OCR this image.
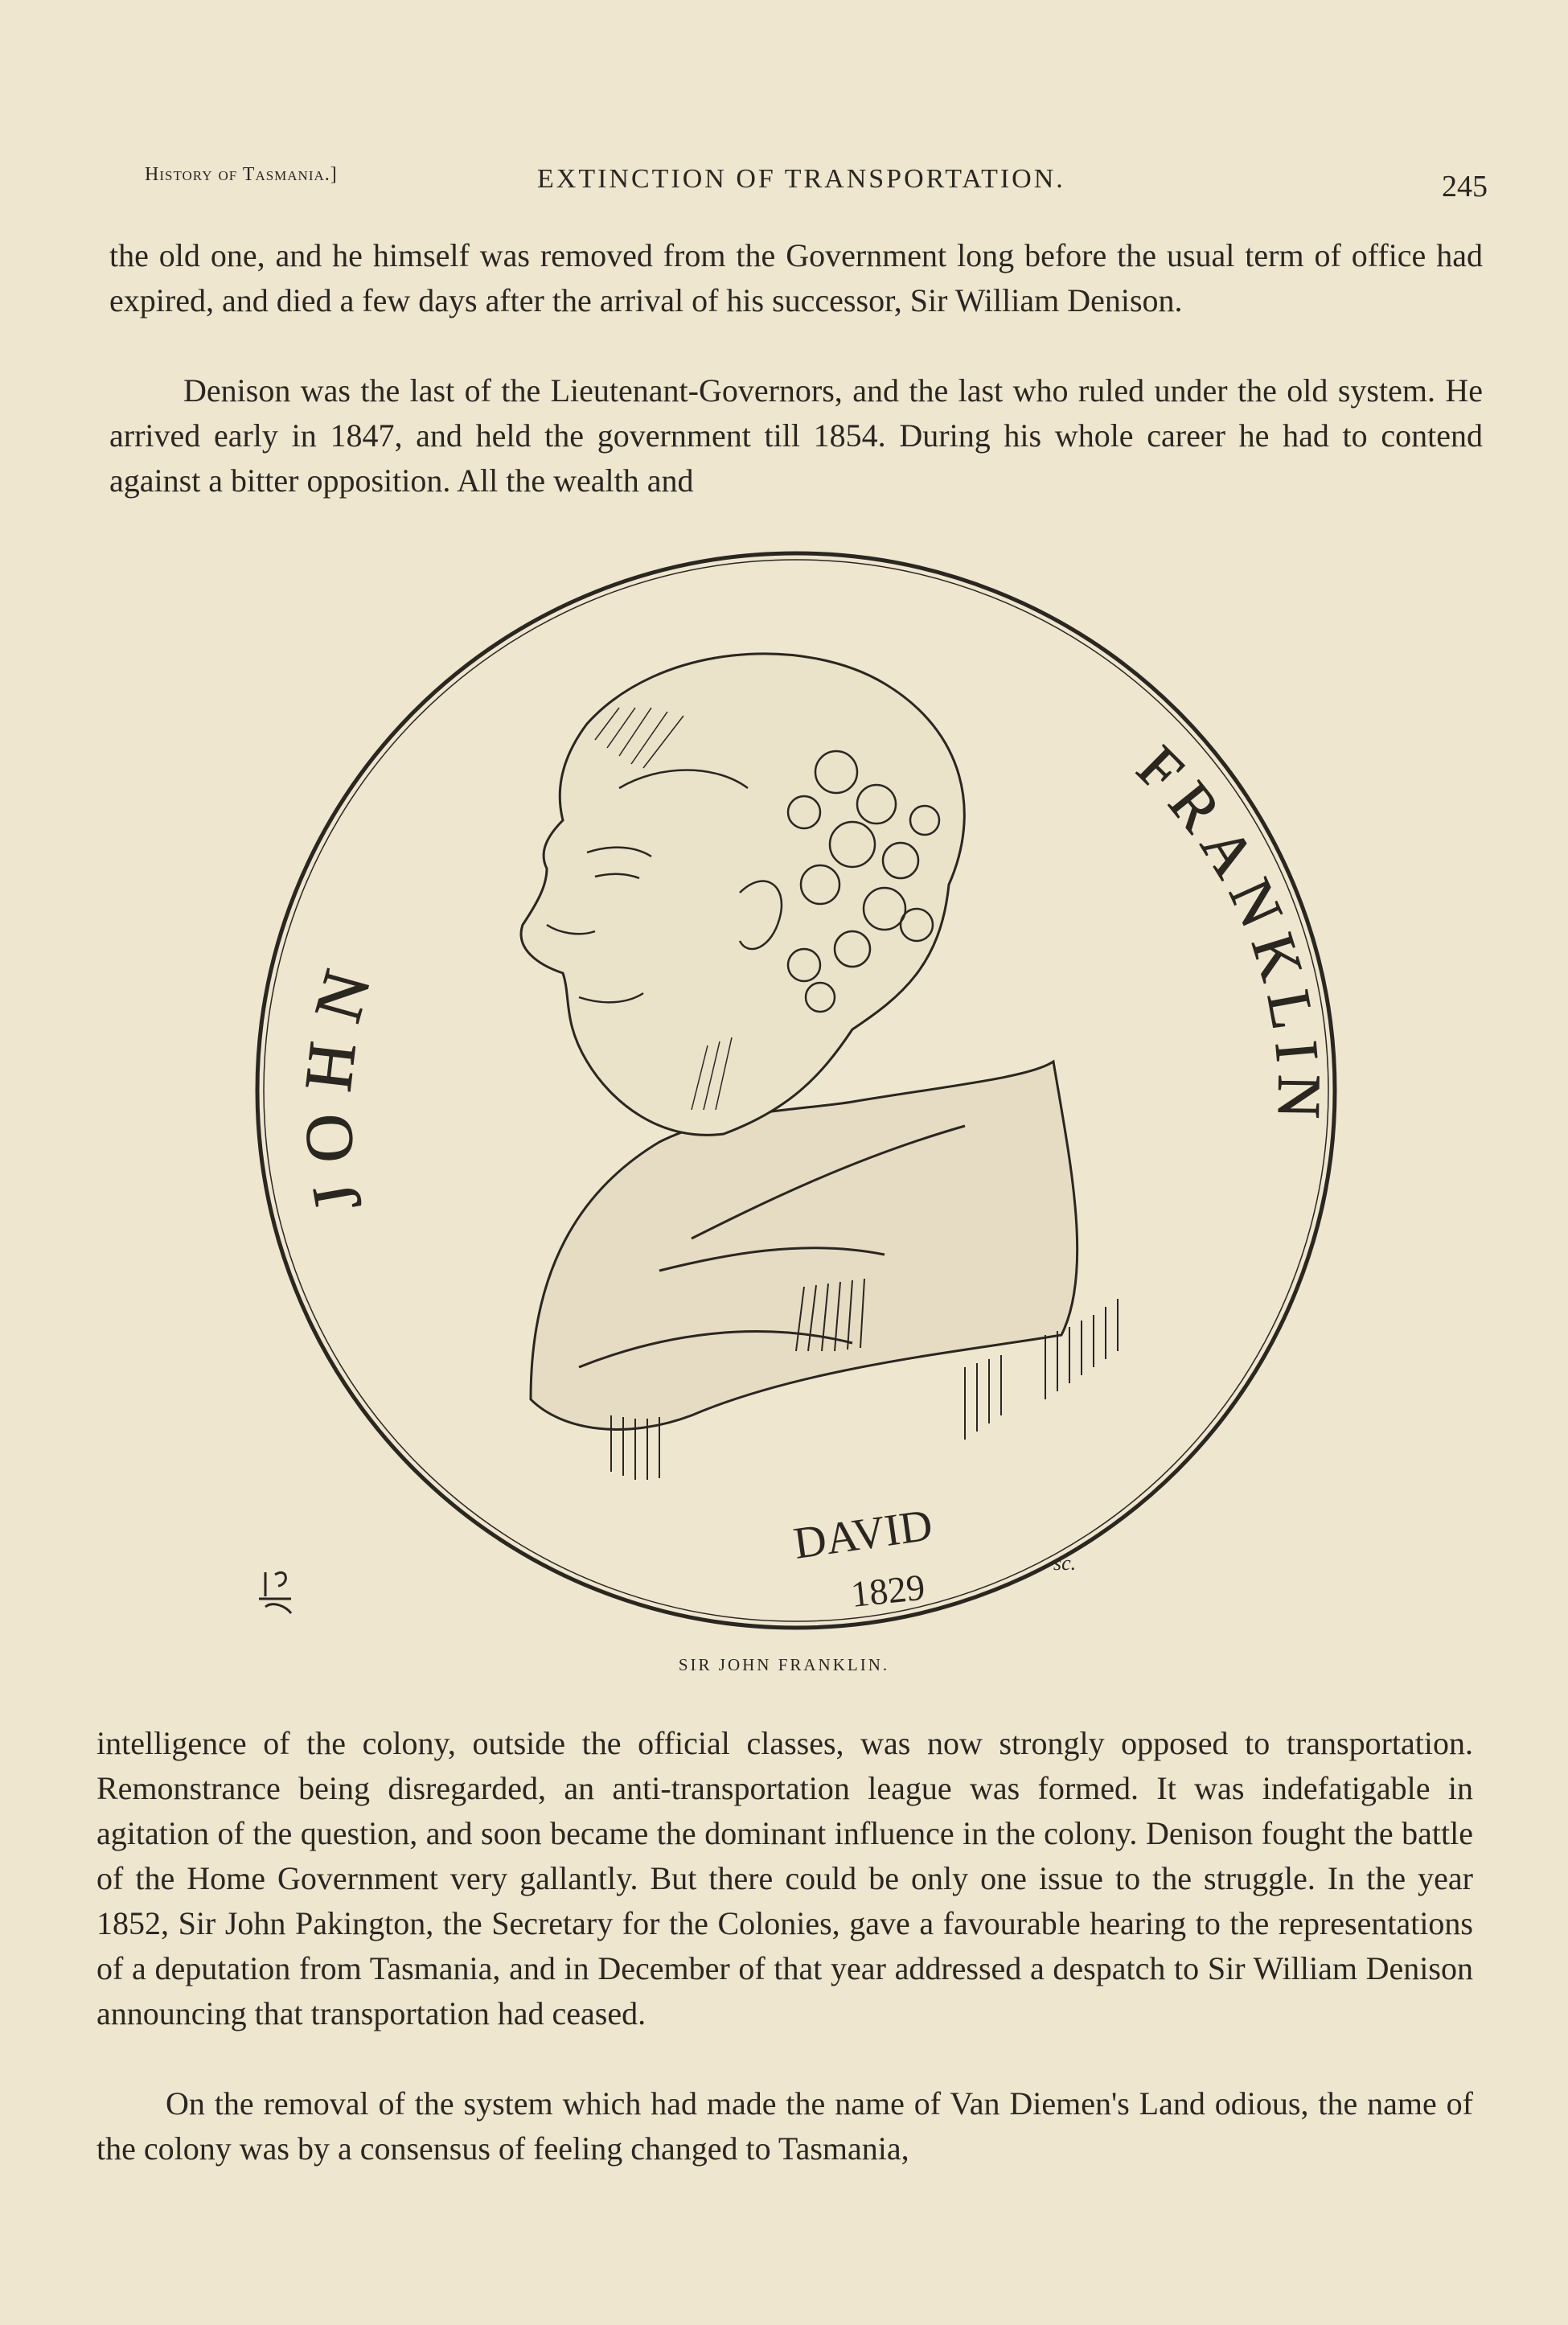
History of Tasmania.]	EXTINCTION OF TRANSPORTATION.	245

the old one, and he himself was removed from the Government long before the usual term of office had expired, and died a few days after the arrival of his successor, Sir William Denison.

Denison was the last of the Lieutenant-Governors, and the last who ruled under the old system. He arrived early in 1847, and held the government till 1854. During his whole career he had to contend against a bitter opposition. All the wealth and

JOHN
FRANKLIN
DAVID
1829
sc.
SIR JOHN FRANKLIN.

intelligence of the colony, outside the official classes, was now strongly opposed to transportation. Remonstrance being disregarded, an anti-transportation league was formed. It was indefatigable in agitation of the question, and soon became the dominant influence in the colony. Denison fought the battle of the Home Government very gallantly. But there could be only one issue to the struggle. In the year 1852, Sir John Pakington, the Secretary for the Colonies, gave a favourable hearing to the representations of a deputation from Tasmania, and in December of that year addressed a despatch to Sir William Denison announcing that transportation had ceased.

On the removal of the system which had made the name of Van Diemen's Land odious, the name of the colony was by a consensus of feeling changed to Tasmania,
